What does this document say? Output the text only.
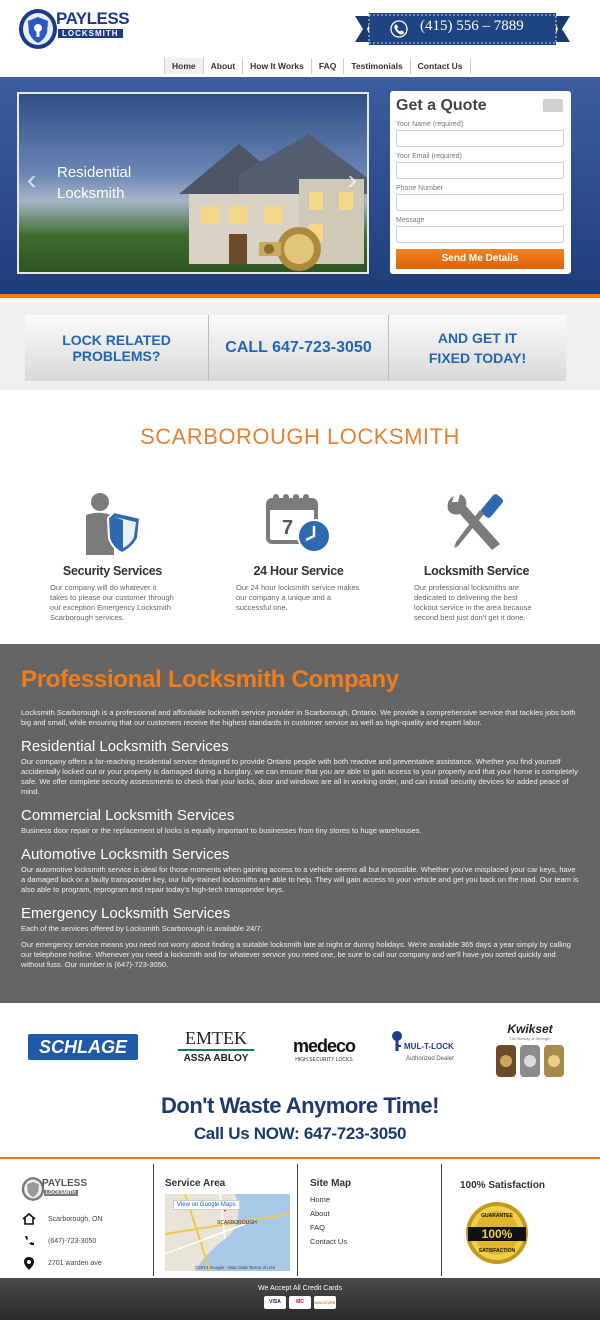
PAYLESS
LOCKSMITH	(415) 556 – 7889
Home	About	How It Works	FAQ	Testimonials	Contact Us
‹	›
Residential Locksmith
Get a Quote
Your Name (required)
Your Email (required)
Phone Number
Message
Send Me Details
LOCK RELATED PROBLEMS?	CALL 647-723-3050
AND GET IT
FIXED TODAY!
SCARBOROUGH LOCKSMITH
Security Services
Our company will do whatever it takes to please our customer through our exception Emergency Locksmith Scarborough services.
7
24 Hour Service
Our 24 hour locksmith service makes our company a unique and a successful one.
Locksmith Service
Our professional locksmiths are dedicated to delivering the best lockout service in the area because second best just don't get it done.
Professional Locksmith Company

Locksmith Scarborough is a professional and affordable locksmith service provider in Scarborough, Ontario. We provide a comprehensive service that tackles jobs both big and small, while ensuring that our customers receive the highest standards in customer service as well as high-quality and expert labor.

Residential Locksmith Services

Our company offers a far-reaching residential service designed to provide Ontario people with both reactive and preventative assistance. Whether you find yourself accidentally locked out or your property is damaged during a burglary, we can ensure that you are able to gain access to your property and that your home is completely safe. We offer complete security assessments to check that your locks, door and windows are all in working order, and can install security devices for added peace of mind.

Commercial Locksmith Services

Business door repair or the replacement of locks is equally important to businesses from tiny stores to huge warehouses.

Automotive Locksmith Services

Our automotive locksmith service is ideal for those moments when gaining access to a vehicle seems all but impossible. Whether you've misplaced your car keys, have a damaged lock or a faulty transponder key, our fully-trained locksmiths are able to help. They will gain access to your vehicle and get you back on the road. Our team is also able to program, reprogram and repair today's high-tech transponder keys.

Emergency Locksmith Services

Each of the services offered by Locksmith Scarborough is available 24/7.

Our emergency service means you need not worry about finding a suitable locksmith late at night or during holidays. We're available 365 days a year simply by calling our telephone hotline. Whenever you need a locksmith and for whatever service you need one, be sure to call our company and we'll have you sorted quickly and without fuss. Our number is (647)-723-3050.

SCHLAGE	EMTEK
ASSA ABLOY
medeco
HIGH SECURITY LOCKS
MUL-T-LOCK
Authorized Dealer
Kwikset
The Beauty of Strength
Don't Waste Anymore Time!
Call Us NOW: 647-723-3050
PAYLESS
LOCKSMITH
Scarborough, ON
(647)-723-3050
2701 warden ave
Service Area
SCARBOROUGH
View on Google Maps
©2014 Google · Map Data Terms of Use
Site Map
Home
About
FAQ
Contact Us
100% Satisfaction
GUARANTEE
100%
SATISFACTION
We Accept All Credit Cards
VISA	MC	DISCOVER
